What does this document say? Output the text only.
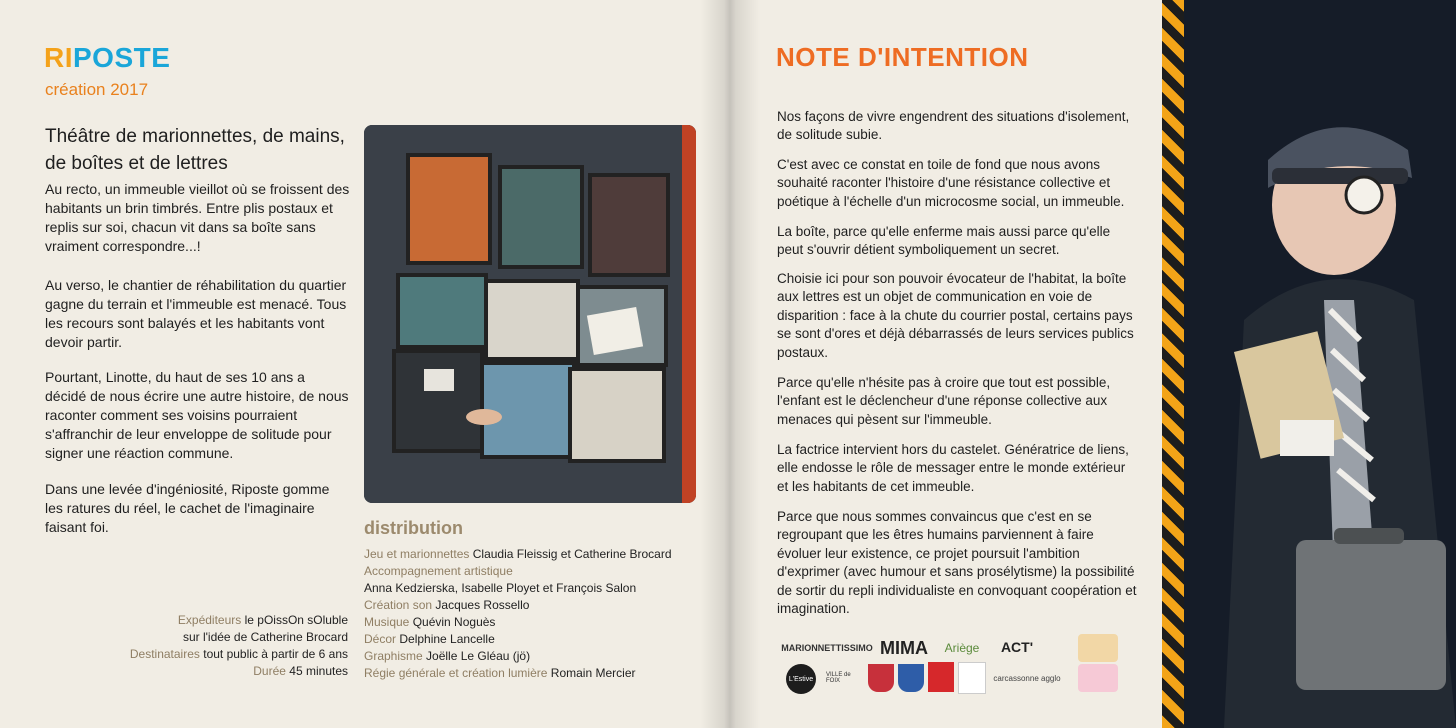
RIPOSTE
création 2017
Théâtre de marionnettes, de mains, de boîtes et de lettres

Au recto, un immeuble vieillot où se froissent des habitants un brin timbrés. Entre plis postaux et replis sur soi, chacun vit dans sa boîte sans vraiment correspondre...!

Au verso, le chantier de réhabilitation du quartier gagne du terrain et l'immeuble est menacé. Tous les recours sont balayés et les habitants vont devoir partir.

Pourtant, Linotte, du haut de ses 10 ans a décidé de nous écrire une autre histoire, de nous raconter comment ses voisins pourraient s'affranchir de leur enveloppe de solitude pour signer une réaction commune.

Dans une levée d'ingéniosité, Riposte gomme les ratures du réel, le cachet de l'imaginaire faisant foi.	distribution
Jeu et marionnettes Claudia Fleissig et Catherine Brocard
Accompagnement artistique
Anna Kedzierska, Isabelle Ployet et François Salon
Création son Jacques Rossello
Musique Quévin Noguès
Décor Delphine Lancelle
Graphisme Joëlle Le Gléau (jö)
Régie générale et création lumière Romain Mercier
Expéditeurs le pOissOn sOluble
sur l'idée de Catherine Brocard
Destinataires tout public à partir de 6 ans
Durée 45 minutes
NOTE D'INTENTION

Nos façons de vivre engendrent des situations d'isolement, de solitude subie.

C'est avec ce constat en toile de fond que nous avons souhaité raconter l'histoire d'une résistance collective et poétique à l'échelle d'un microcosme social, un immeuble.

La boîte, parce qu'elle enferme mais aussi parce qu'elle peut s'ouvrir détient symboliquement un secret.

Choisie ici pour son pouvoir évocateur de l'habitat, la boîte aux lettres est un objet de communication en voie de disparition : face à la chute du courrier postal, certains pays se sont d'ores et déjà débarrassés de leurs services publics postaux.

Parce qu'elle n'hésite pas à croire que tout est possible, l'enfant est le déclencheur d'une réponse collective aux menaces qui pèsent sur l'immeuble.

La factrice intervient hors du castelet. Génératrice de liens, elle endosse le rôle de messager entre le monde extérieur et les habitants de cet immeuble.

Parce que nous sommes convaincus que c'est en se regroupant que les êtres humains parviennent à faire évoluer leur existence, ce projet poursuit l'ambition d'exprimer (avec humour et sans prosélytisme) la possibilité de sortir du repli individualiste en convoquant coopération et imagination.

MARIONNETTISSIMO MIMA	Ariège	ACT'
L'Estive
VILLE de FOIX	carcassonne agglo
